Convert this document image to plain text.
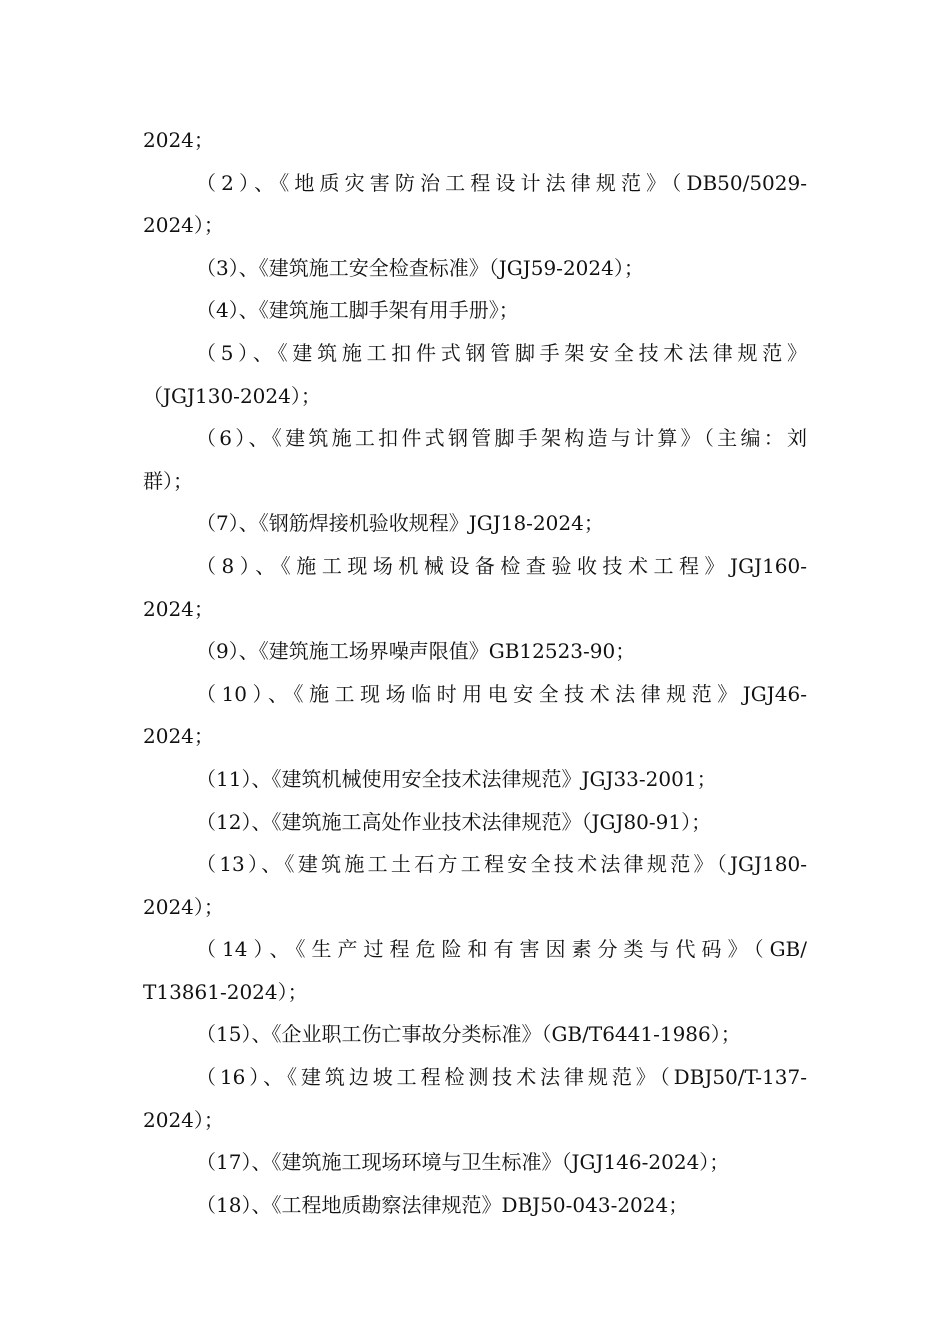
2024；
（2）、《地质灾害防治工程设计法律规范》（DB50/5029-
2024）；
（3）、《建筑施工安全检查标准》（JGJ59-2024）；
（4）、《建筑施工脚手架有用手册》；
（5）、《建筑施工扣件式钢管脚手架安全技术法律规范》
（JGJ130-2024）；
（6）、《建筑施工扣件式钢管脚手架构造与计算》（主编：刘
群）；
（7）、《钢筋焊接机验收规程》JGJ18-2024；
（8）、《施工现场机械设备检查验收技术工程》JGJ160-
2024；
（9）、《建筑施工场界噪声限值》GB12523-90；
（10）、《施工现场临时用电安全技术法律规范》JGJ46-
2024；
（11）、《建筑机械使用安全技术法律规范》JGJ33-2001；
（12）、《建筑施工高处作业技术法律规范》（JGJ80-91）；
（13）、《建筑施工土石方工程安全技术法律规范》（JGJ180-
2024）；
（14）、《生产过程危险和有害因素分类与代码》（GB/
T13861-2024）；
（15）、《企业职工伤亡事故分类标准》（GB/T6441-1986）；
（16）、《建筑边坡工程检测技术法律规范》（DBJ50/T-137-
2024）；
（17）、《建筑施工现场环境与卫生标准》（JGJ146-2024）；
（18）、《工程地质勘察法律规范》DBJ50-043-2024；
